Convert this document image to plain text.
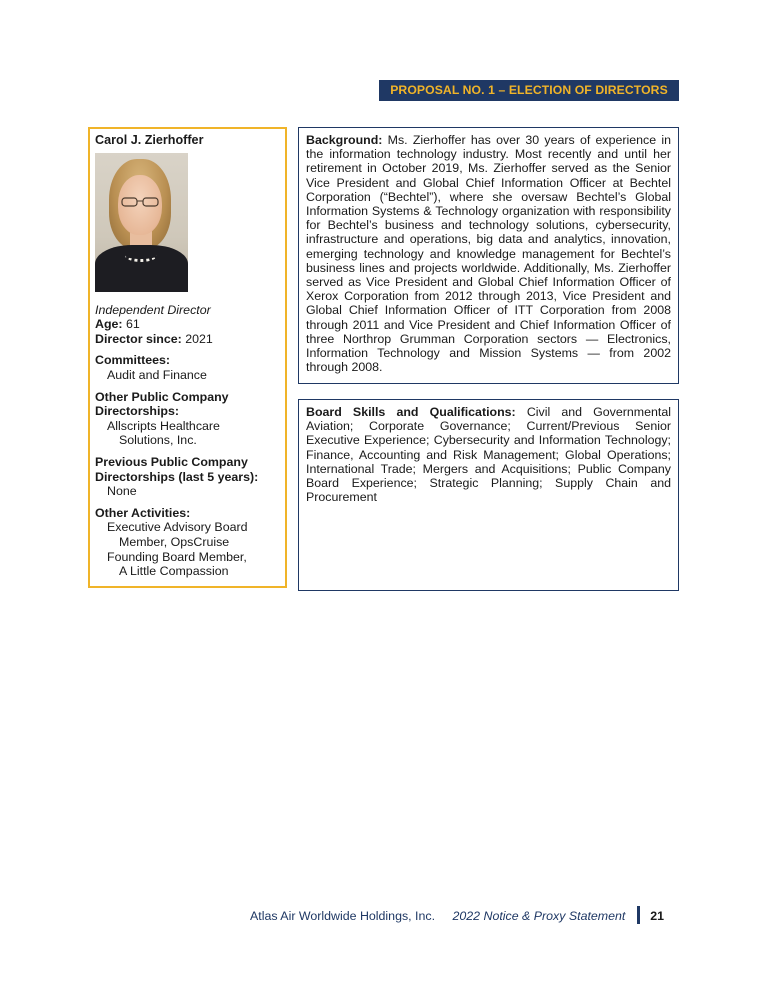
PROPOSAL NO. 1 – ELECTION OF DIRECTORS
Carol J. Zierhoffer
Independent Director
Age: 61
Director since: 2021
Committees:
Audit and Finance
Other Public Company
Directorships:
Allscripts Healthcare
Solutions, Inc.
Previous Public Company
Directorships (last 5 years):
None
Other Activities:
Executive Advisory Board
Member, OpsCruise
Founding Board Member,
A Little Compassion
Background: Ms. Zierhoffer has over 30 years of experience in the information technology industry. Most recently and until her retirement in October 2019, Ms. Zierhoffer served as the Senior Vice President and Global Chief Information Officer at Bechtel Corporation (“Bechtel”), where she oversaw Bechtel’s Global Information Systems & Technology organization with responsibility for Bechtel’s business and technology solutions, cybersecurity, infrastructure and operations, big data and analytics, innovation, emerging technology and knowledge management for Bechtel’s business lines and projects worldwide. Additionally, Ms. Zierhoffer served as Vice President and Global Chief Information Officer of Xerox Corporation from 2012 through 2013, Vice President and Global Chief Information Officer of ITT Corporation from 2008 through 2011 and Vice President and Chief Information Officer of three Northrop Grumman Corporation sectors — Electronics, Information Technology and Mission Systems — from 2002 through 2008.
Board Skills and Qualifications: Civil and Governmental Aviation; Corporate Governance; Current/Previous Senior Executive Experience; Cybersecurity and Information Technology; Finance, Accounting and Risk Management; Global Operations; International Trade; Mergers and Acquisitions; Public Company Board Experience; Strategic Planning; Supply Chain and Procurement
Atlas Air Worldwide Holdings, Inc. 2022 Notice & Proxy Statement 21
